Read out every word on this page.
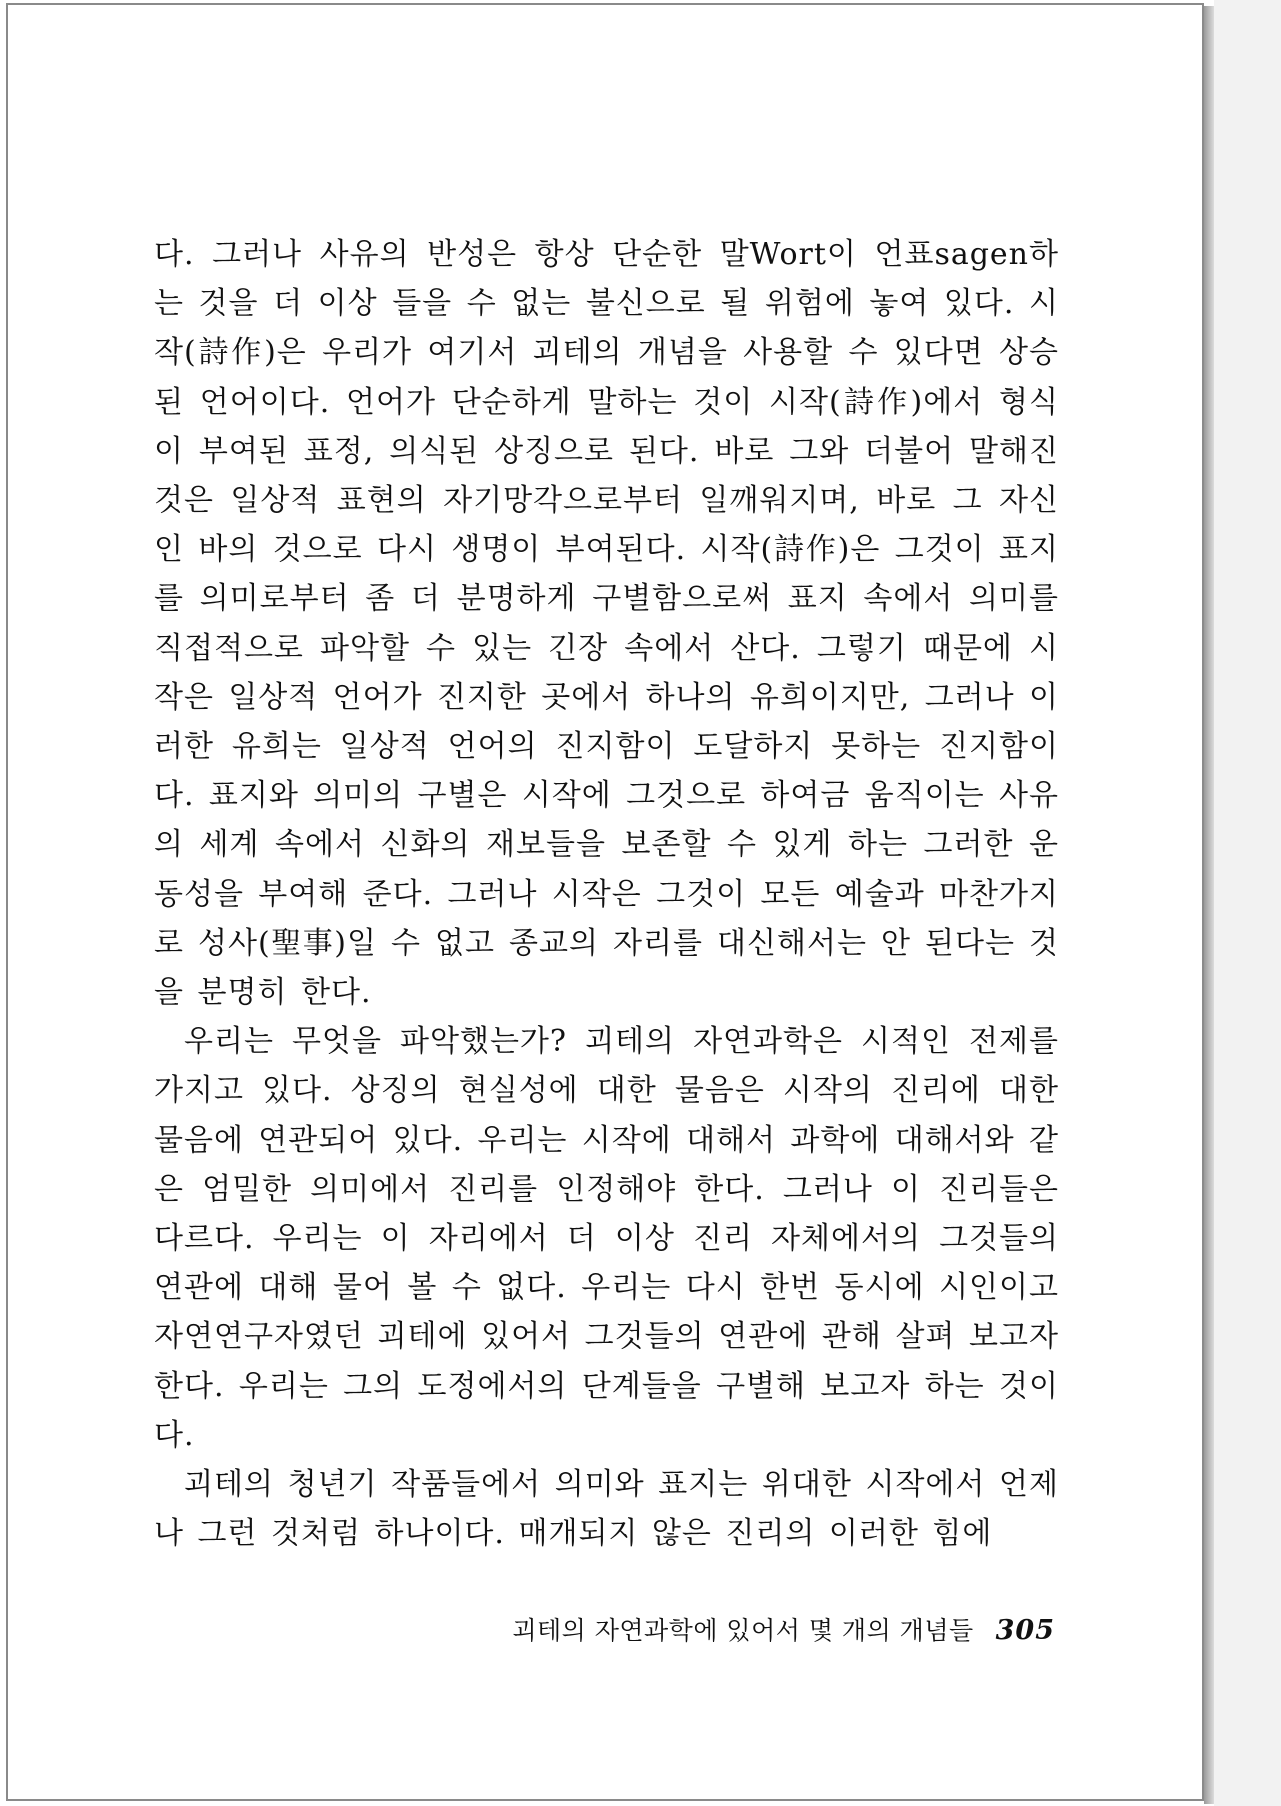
다. 그러나 사유의 반성은 항상 단순한 말Wort이 언표sagen하는 것을 더 이상 들을 수 없는 불신으로 될 위험에 놓여 있다. 시작(詩作)은 우리가 여기서 괴테의 개념을 사용할 수 있다면 상승된 언어이다. 언어가 단순하게 말하는 것이 시작(詩作)에서 형식이 부여된 표정, 의식된 상징으로 된다. 바로 그와 더불어 말해진 것은 일상적 표현의 자기망각으로부터 일깨워지며, 바로 그 자신인 바의 것으로 다시 생명이 부여된다. 시작(詩作)은 그것이 표지를 의미로부터 좀 더 분명하게 구별함으로써 표지 속에서 의미를 직접적으로 파악할 수 있는 긴장 속에서 산다. 그렇기 때문에 시작은 일상적 언어가 진지한 곳에서 하나의 유희이지만, 그러나 이러한 유희는 일상적 언어의 진지함이 도달하지 못하는 진지함이다. 표지와 의미의 구별은 시작에 그것으로 하여금 움직이는 사유의 세계 속에서 신화의 재보들을 보존할 수 있게 하는 그러한 운동성을 부여해 준다. 그러나 시작은 그것이 모든 예술과 마찬가지로 성사(聖事)일 수 없고 종교의 자리를 대신해서는 안 된다는 것을 분명히 한다.

우리는 무엇을 파악했는가? 괴테의 자연과학은 시적인 전제를 가지고 있다. 상징의 현실성에 대한 물음은 시작의 진리에 대한 물음에 연관되어 있다. 우리는 시작에 대해서 과학에 대해서와 같은 엄밀한 의미에서 진리를 인정해야 한다. 그러나 이 진리들은 다르다. 우리는 이 자리에서 더 이상 진리 자체에서의 그것들의 연관에 대해 물어 볼 수 없다. 우리는 다시 한번 동시에 시인이고 자연연구자였던 괴테에 있어서 그것들의 연관에 관해 살펴 보고자 한다. 우리는 그의 도정에서의 단계들을 구별해 보고자 하는 것이다.

괴테의 청년기 작품들에서 의미와 표지는 위대한 시작에서 언제나 그런 것처럼 하나이다. 매개되지 않은 진리의 이러한 힘에

괴테의 자연과학에 있어서 몇 개의 개념들 305
